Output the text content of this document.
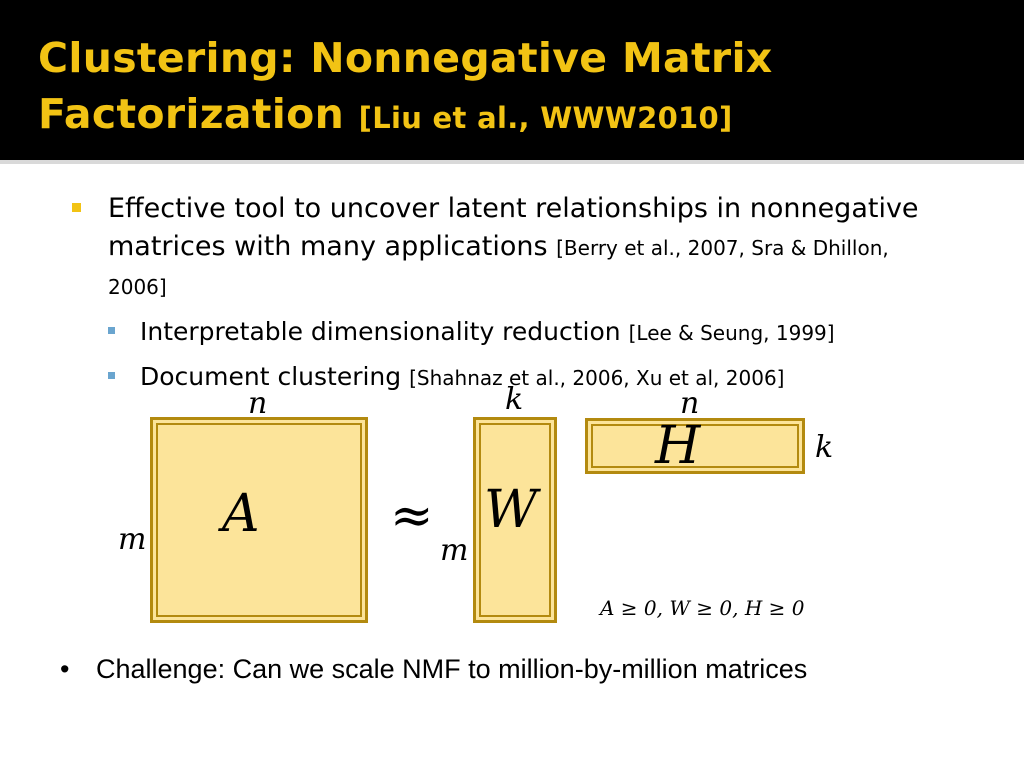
Clustering: Nonnegative Matrix
Factorization [Liu et al., WWW2010]
Effective tool to uncover latent relationships in nonnegative matrices with many applications [Berry et al., 2007, Sra & Dhillon, 2006]
Interpretable dimensionality reduction [Lee & Seung, 1999]
Document clustering [Shahnaz et al., 2006, Xu et al, 2006]
A
n
m	≈ W
k
m
H
n
k
A ≥ 0, W ≥ 0, H ≥ 0
• Challenge: Can we scale NMF to million-by-million matrices
